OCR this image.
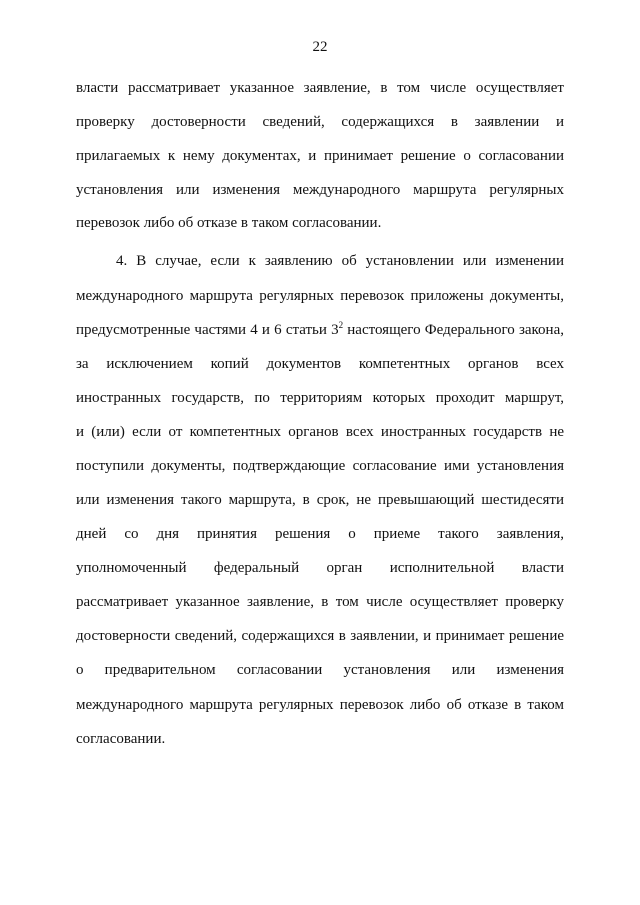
22
власти рассматривает указанное заявление, в том числе осуществляет
проверку достоверности сведений, содержащихся в заявлении и
прилагаемых к нему документах, и принимает решение о согласовании
установления или изменения международного маршрута регулярных
перевозок либо об отказе в таком согласовании.
4. В случае, если к заявлению об установлении или изменении
международного маршрута регулярных перевозок приложены документы,
предусмотренные частями 4 и 6 статьи $3^2$ настоящего Федерального закона,
за исключением копий документов компетентных органов всех
иностранных государств, по территориям которых проходит маршрут,
и (или) если от компетентных органов всех иностранных государств не
поступили документы, подтверждающие согласование ими установления
или изменения такого маршрута, в срок, не превышающий шестидесяти
дней со дня принятия решения о приеме такого заявления,
уполномоченный федеральный орган исполнительной власти
рассматривает указанное заявление, в том числе осуществляет проверку
достоверности сведений, содержащихся в заявлении, и принимает решение
о предварительном согласовании установления или изменения
международного маршрута регулярных перевозок либо об отказе в таком
согласовании.
